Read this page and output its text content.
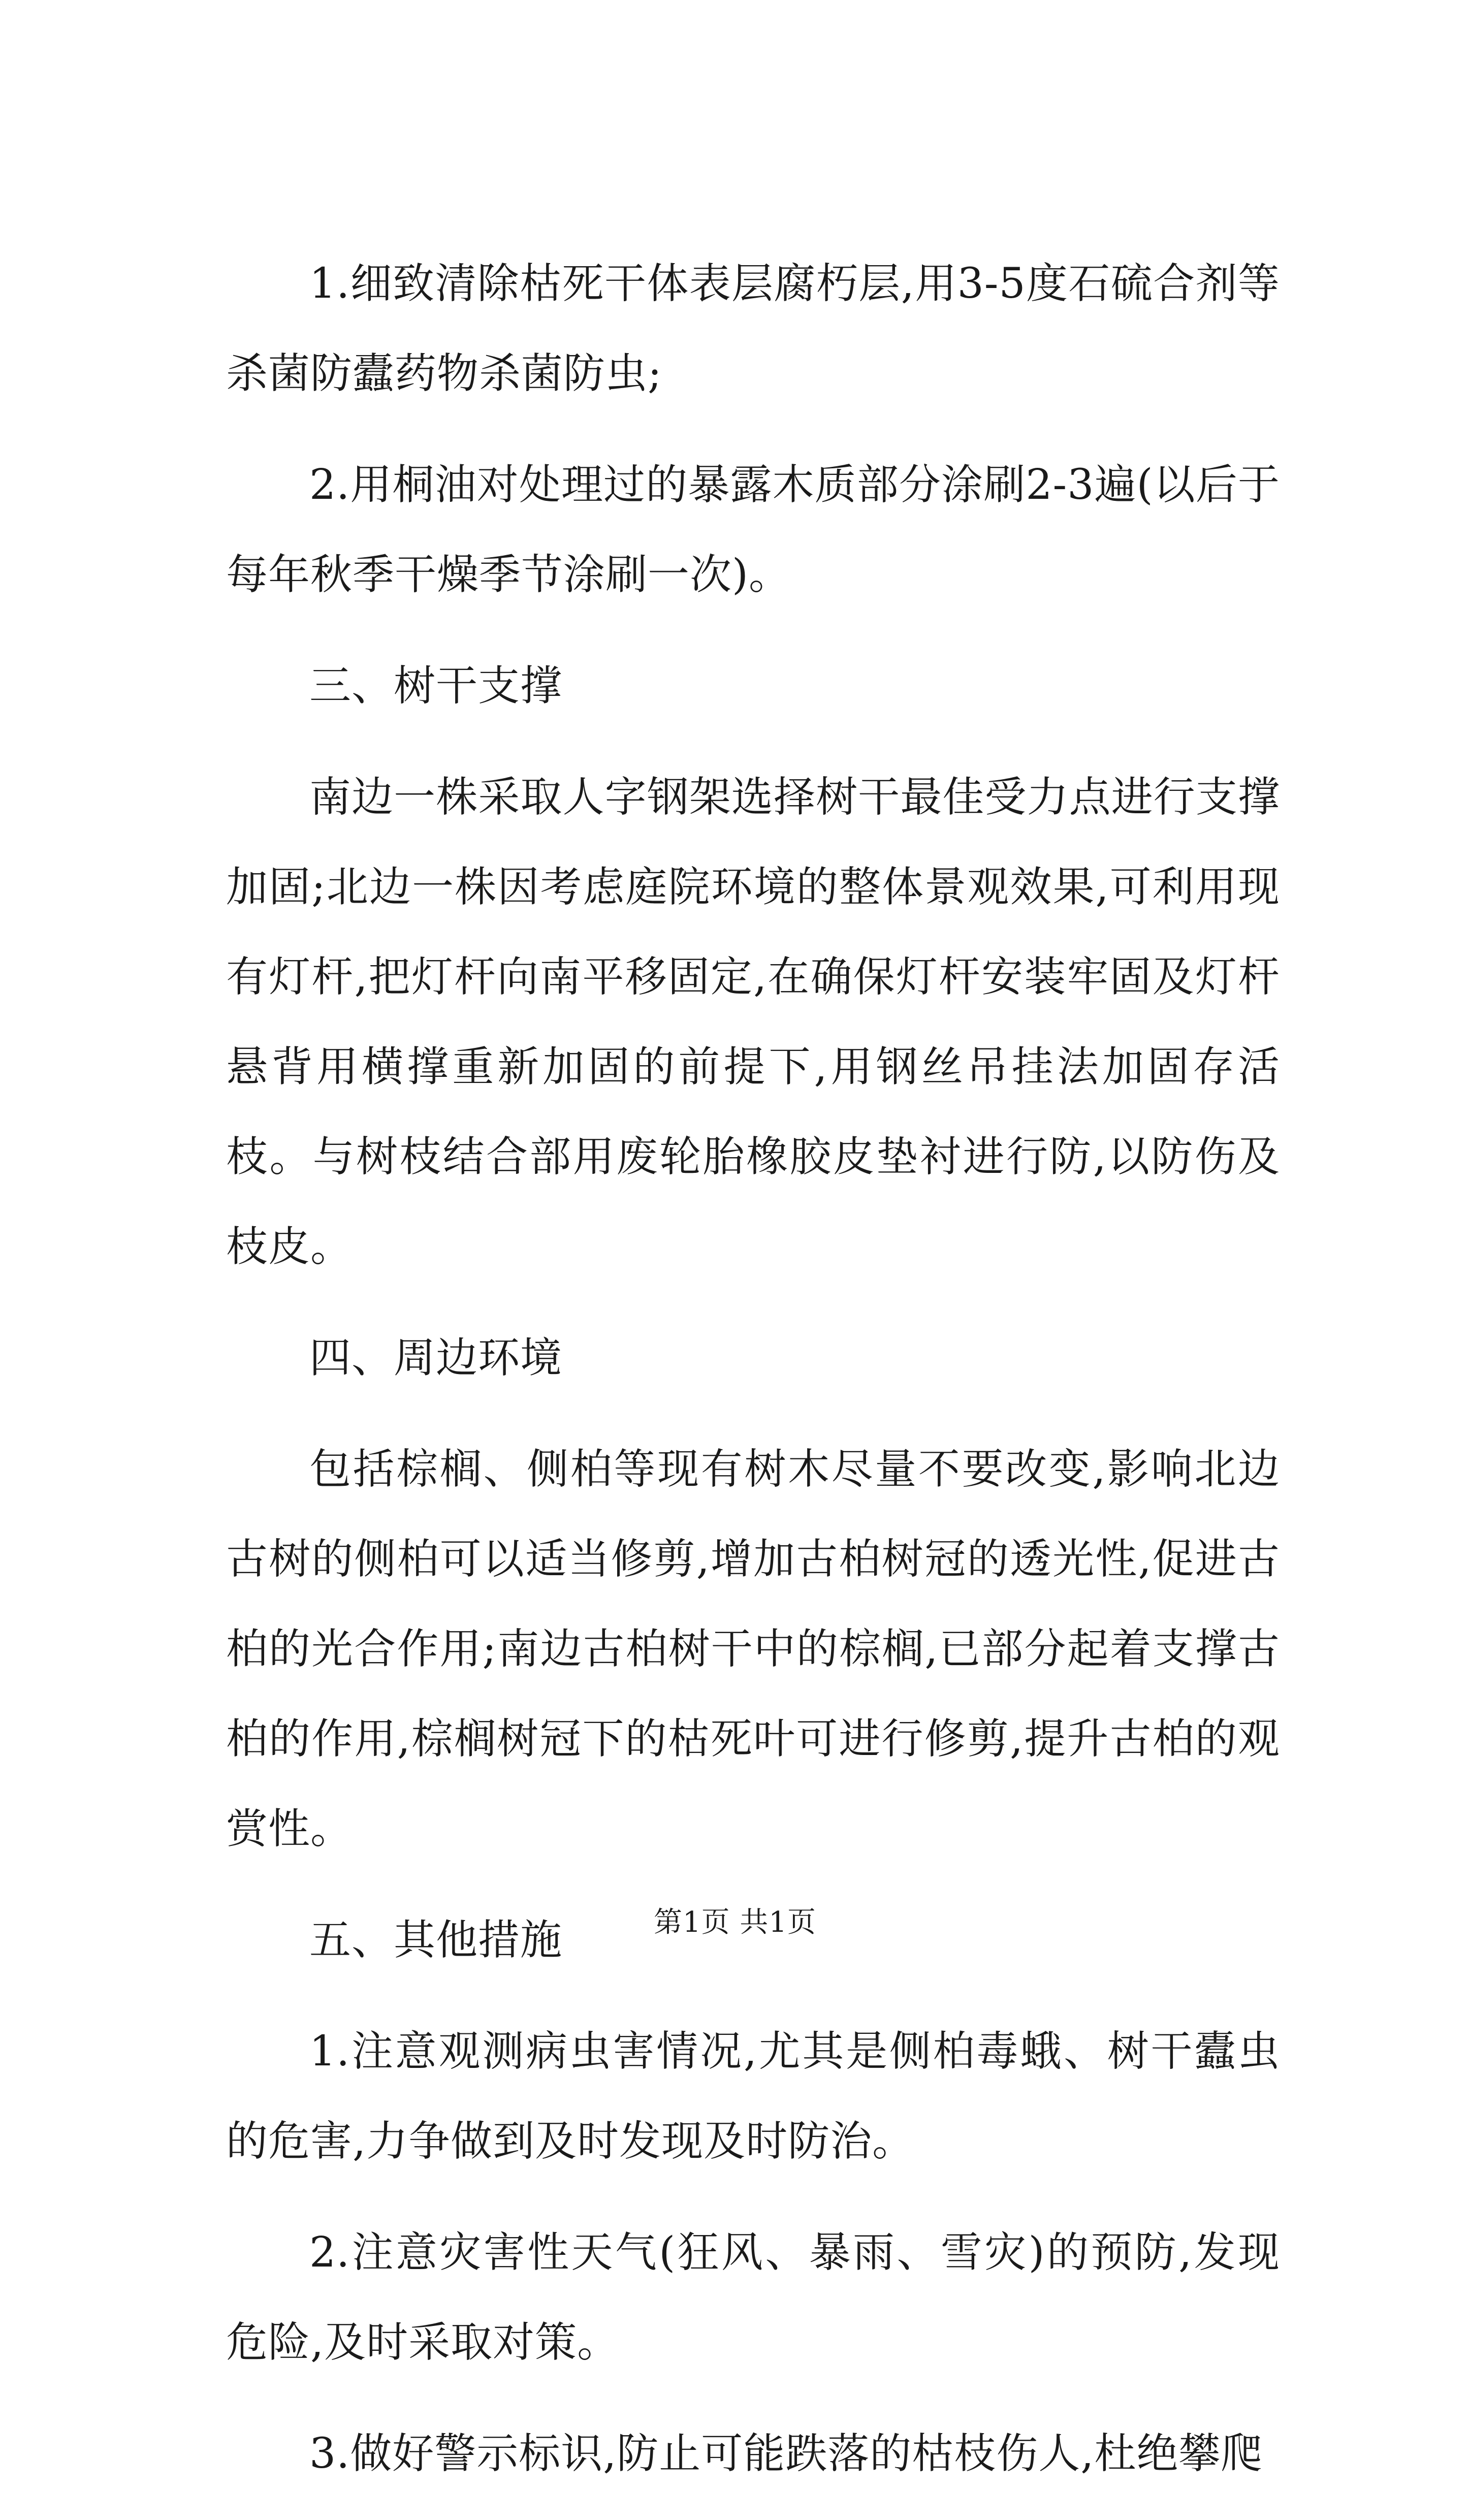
1.细致清除枯死干体表层腐朽层,用3-5度石硫合剂等杀菌防蠹药物杀菌防虫;

2.用桐油对处理过的暴露木质部分涂刷2-3遍(以后于每年秋季干燥季节涂刷一次)。

三、树干支撑

南边一株采取人字钢架选择树干最佳受力点进行支撑加固;北边一株因考虑庭院环境的整体景观效果,可利用现有灯杆,把灯杆向南平移固定,在确保灯杆安装牢固及灯杆悬背用横撑重新加固的前提下,用钢丝吊挂法加固存活枝。与树枝结合部用废轮胎橡胶皮垫衬进行防,以防伤及枝皮。

四、周边环境

包括棕榈、侧柏等现有树木尽量不要改变,影响北边古树的侧柏可以适当修剪,增加古柏树冠的透光性,促进古柏的光合作用;南边古柏树干中的棕榈,已部分起着支撑古柏的作用,棕榈树冠下的枯死叶可进行修剪,提升古柏的观赏性。

五、其他措施

1.注意观测病虫害情况,尤其是侧柏毒蛾、树干蠹虫的危害,力争做到及时发现及时防治。

2.注意灾害性天气(狂风、暴雨、雪灾)的预防,发现危险,及时采取对策。

3.做好警示标识,防止可能跌落的枯枝伤人,杜绝攀爬

第1页 共1页
